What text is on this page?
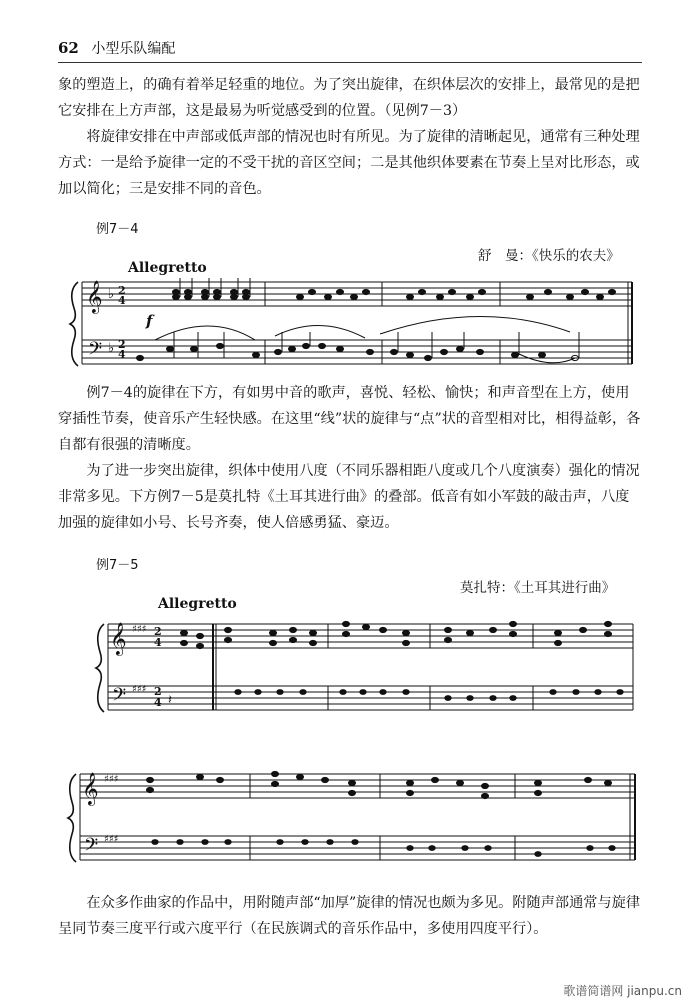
62 小型乐队编配

象的塑造上，的确有着举足轻重的地位。为了突出旋律，在织体层次的安排上，最常见的是把它安排在上方声部，这是最易为听觉感受到的位置。（见例7－3）

将旋律安排在中声部或低声部的情况也时有所见。为了旋律的清晰起见，通常有三种处理方式：一是给予旋律一定的不受干扰的音区空间；二是其他织体要素在节奏上呈对比形态，或加以简化；三是安排不同的音色。

例7－4
舒　曼：《快乐的农夫》
Allegretto
f
𝄞
𝄢
♭
♭
2
4
2
4

例7－4的旋律在下方，有如男中音的歌声，喜悦、轻松、愉快；和声音型在上方，使用穿插性节奏，使音乐产生轻快感。在这里“线”状的旋律与“点”状的音型相对比，相得益彰，各自都有很强的清晰度。

为了进一步突出旋律，织体中使用八度（不同乐器相距八度或几个八度演奏）强化的情况非常多见。下方例7－5是莫扎特《土耳其进行曲》的叠部。低音有如小军鼓的敲击声，八度加强的旋律如小号、长号齐奏，使人倍感勇猛、豪迈。

例7－5
莫扎特：《土耳其进行曲》
Allegretto
𝄞
𝄢
♯♯♯
♯♯♯
2
4
2
4 𝄽
𝄞
𝄢
♯♯♯
♯♯♯

在众多作曲家的作品中，用附随声部“加厚”旋律的情况也颇为多见。附随声部通常与旋律呈同节奏三度平行或六度平行（在民族调式的音乐作品中，多使用四度平行）。

歌谱简谱网 jianpu.cn
